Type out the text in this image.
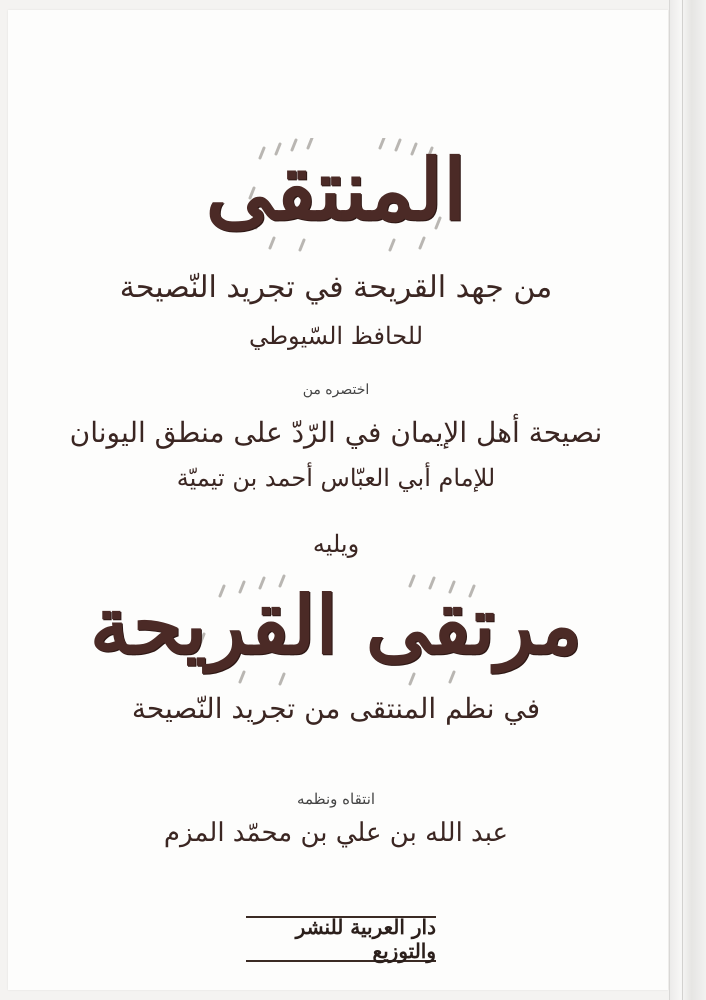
المنتقى
من جهد القريحة في تجريد النّصيحة
للحافظ السّيوطي
اختصره من
نصيحة أهل الإيمان في الرّدّ على منطق اليونان
للإمام أبي العبّاس أحمد بن تيميّة
ويليه
مرتقى القريحة
في نظم المنتقى من تجريد النّصيحة
انتقاه ونظمه
عبد الله بن علي بن محمّد المزم
دار العربية للنشر والتوزيع
